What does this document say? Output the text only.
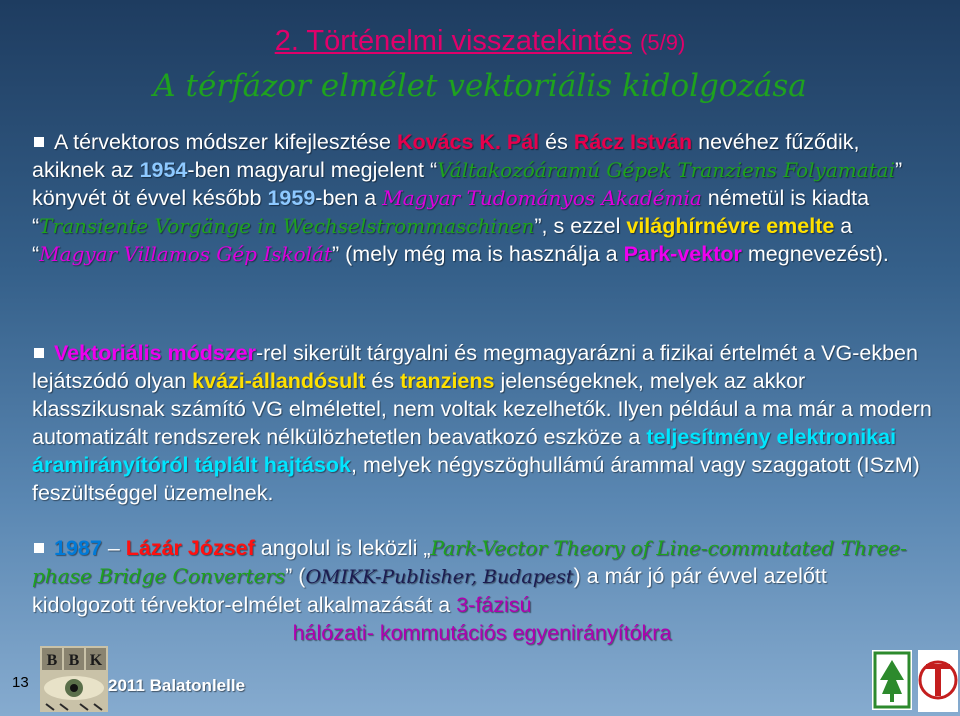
2. Történelmi visszatekintés (5/9)
A térfázor elmélet vektoriális kidolgozása
A térvektoros módszer kifejlesztése Kovács K. Pál és Rácz István nevéhez fűződik, akiknek az 1954-ben magyarul megjelent “Váltakozóáramú Gépek Tranziens Folyamatai” könyvét öt évvel később 1959-ben a Magyar Tudományos Akadémia németül is kiadta “Transiente Vorgänge in Wechselstrommaschinen”, s ezzel világhírnévre emelte a “Magyar Villamos Gép Iskolát” (mely még ma is használja a Park-vektor megnevezést).
Vektoriális módszer-rel sikerült tárgyalni és megmagyarázni a fizikai értelmét a VG-ekben lejátszódó olyan kvázi-állandósult és tranziens jelenségeknek, melyek az akkor klasszikusnak számító VG elmélettel, nem voltak kezelhetők. Ilyen például a ma már a modern automatizált rendszerek nélkülözhetetlen beavatkozó eszköze a teljesítmény elektronikai áramirányítóról táplált hajtások, melyek négyszöghullámú árammal vagy szaggatott (ISzM) feszültséggel üzemelnek.
1987 – Lázár József angolul is leközli „Park-Vector Theory of Line-commutated Three-phase Bridge Converters” (OMIKK-Publisher, Budapest) a már jó pár évvel azelőtt kidolgozott térvektor-elmélet alkalmazását a 3-fázisú
hálózati- kommutációs egyenirányítókra
13
B B K
2011 Balatonlelle
